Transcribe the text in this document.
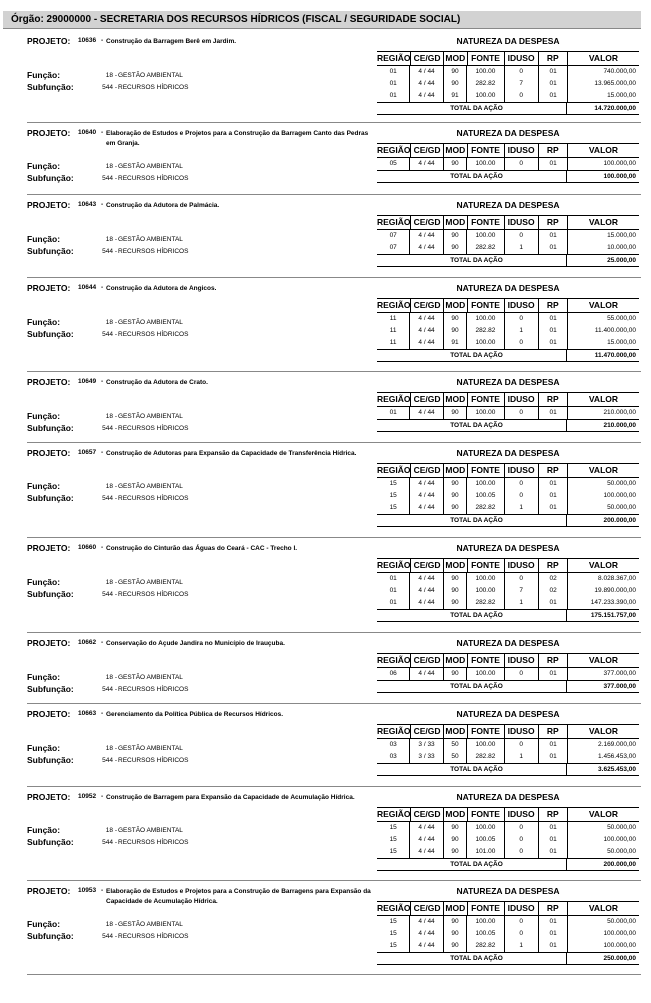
Órgão: 29000000 - SECRETARIA DOS RECURSOS HÍDRICOS (FISCAL / SEGURIDADE SOCIAL)
PROJETO: 10636 - Construção da Barragem Berê em Jardim.
Função:	18 - GESTÃO AMBIENTAL
Subfunção:	544 - RECURSOS HÍDRICOS
NATUREZA DA DESPESA
REGIÃO CE/GD MOD FONTE IDUSO	RP	VALOR
01	4 / 44	90	100.00	0	01	740.000,00
01	4 / 44	90	282.82	7	01	13.965.000,00
01	4 / 44	91	100.00	0	01	15.000,00
TOTAL DA AÇÃO	14.720.000,00
PROJETO: 10640 - Elaboração de Estudos e Projetos para a Construção da Barragem Canto das Pedras em Granja.
Função:	18 - GESTÃO AMBIENTAL
Subfunção:	544 - RECURSOS HÍDRICOS
NATUREZA DA DESPESA
REGIÃO CE/GD MOD FONTE IDUSO	RP	VALOR
05	4 / 44	90	100.00	0	01	100.000,00
TOTAL DA AÇÃO	100.000,00
PROJETO: 10643 - Construção da Adutora de Palmácia.
Função:	18 - GESTÃO AMBIENTAL
Subfunção:	544 - RECURSOS HÍDRICOS
NATUREZA DA DESPESA
REGIÃO CE/GD MOD FONTE IDUSO	RP	VALOR
07	4 / 44	90	100.00	0	01	15.000,00
07	4 / 44	90	282.82	1	01	10.000,00
TOTAL DA AÇÃO	25.000,00
PROJETO: 10644 - Construção da Adutora de Angicos.
Função:	18 - GESTÃO AMBIENTAL
Subfunção:	544 - RECURSOS HÍDRICOS
NATUREZA DA DESPESA
REGIÃO CE/GD MOD FONTE IDUSO	RP	VALOR
11	4 / 44	90	100.00	0	01	55.000,00
11	4 / 44	90	282.82	1	01	11.400.000,00
11	4 / 44	91	100.00	0	01	15.000,00
TOTAL DA AÇÃO	11.470.000,00
PROJETO: 10649 - Construção da Adutora de Crato.
Função:	18 - GESTÃO AMBIENTAL
Subfunção:	544 - RECURSOS HÍDRICOS
NATUREZA DA DESPESA
REGIÃO CE/GD MOD FONTE IDUSO	RP	VALOR
01	4 / 44	90	100.00	0	01	210.000,00
TOTAL DA AÇÃO	210.000,00
PROJETO: 10657 - Construção de Adutoras para Expansão da Capacidade de Transferência Hídrica.
Função:	18 - GESTÃO AMBIENTAL
Subfunção:	544 - RECURSOS HÍDRICOS
NATUREZA DA DESPESA
REGIÃO CE/GD MOD FONTE IDUSO	RP	VALOR
15	4 / 44	90	100.00	0	01	50.000,00
15	4 / 44	90	100.05	0	01	100.000,00
15	4 / 44	90	282.82	1	01	50.000,00
TOTAL DA AÇÃO	200.000,00
PROJETO: 10660 - Construção do Cinturão das Águas do Ceará - CAC - Trecho I.
Função:	18 - GESTÃO AMBIENTAL
Subfunção:	544 - RECURSOS HÍDRICOS
NATUREZA DA DESPESA
REGIÃO CE/GD MOD FONTE IDUSO	RP	VALOR
01	4 / 44	90	100.00	0	02	8.028.367,00
01	4 / 44	90	100.00	7	02	19.890.000,00
01	4 / 44	90	282.82	1	01	147.233.390,00
TOTAL DA AÇÃO	175.151.757,00
PROJETO: 10662 - Conservação do Açude Jandira no Município de Irauçuba.
Função:	18 - GESTÃO AMBIENTAL
Subfunção:	544 - RECURSOS HÍDRICOS
NATUREZA DA DESPESA
REGIÃO CE/GD MOD FONTE IDUSO	RP	VALOR
06	4 / 44	90	100.00	0	01	377.000,00
TOTAL DA AÇÃO	377.000,00
PROJETO: 10663 - Gerenciamento da Política Pública de Recursos Hídricos.
Função:	18 - GESTÃO AMBIENTAL
Subfunção:	544 - RECURSOS HÍDRICOS
NATUREZA DA DESPESA
REGIÃO CE/GD MOD FONTE IDUSO	RP	VALOR
03	3 / 33	50	100.00	0	01	2.169.000,00
03	3 / 33	50	282.82	1	01	1.456.453,00
TOTAL DA AÇÃO	3.625.453,00
PROJETO: 10952 - Construção de Barragem para Expansão da Capacidade de Acumulação Hídrica.
Função:	18 - GESTÃO AMBIENTAL
Subfunção:	544 - RECURSOS HÍDRICOS
NATUREZA DA DESPESA
REGIÃO CE/GD MOD FONTE IDUSO	RP	VALOR
15	4 / 44	90	100.00	0	01	50.000,00
15	4 / 44	90	100.05	0	01	100.000,00
15	4 / 44	90	101.00	0	01	50.000,00
TOTAL DA AÇÃO	200.000,00
PROJETO: 10953 - Elaboração de Estudos e Projetos para a Construção de Barragens para Expansão da Capacidade de Acumulação Hídrica.
Função:	18 - GESTÃO AMBIENTAL
Subfunção:	544 - RECURSOS HÍDRICOS
NATUREZA DA DESPESA
REGIÃO CE/GD MOD FONTE IDUSO	RP	VALOR
15	4 / 44	90	100.00	0	01	50.000,00
15	4 / 44	90	100.05	0	01	100.000,00
15	4 / 44	90	282.82	1	01	100.000,00
TOTAL DA AÇÃO	250.000,00
